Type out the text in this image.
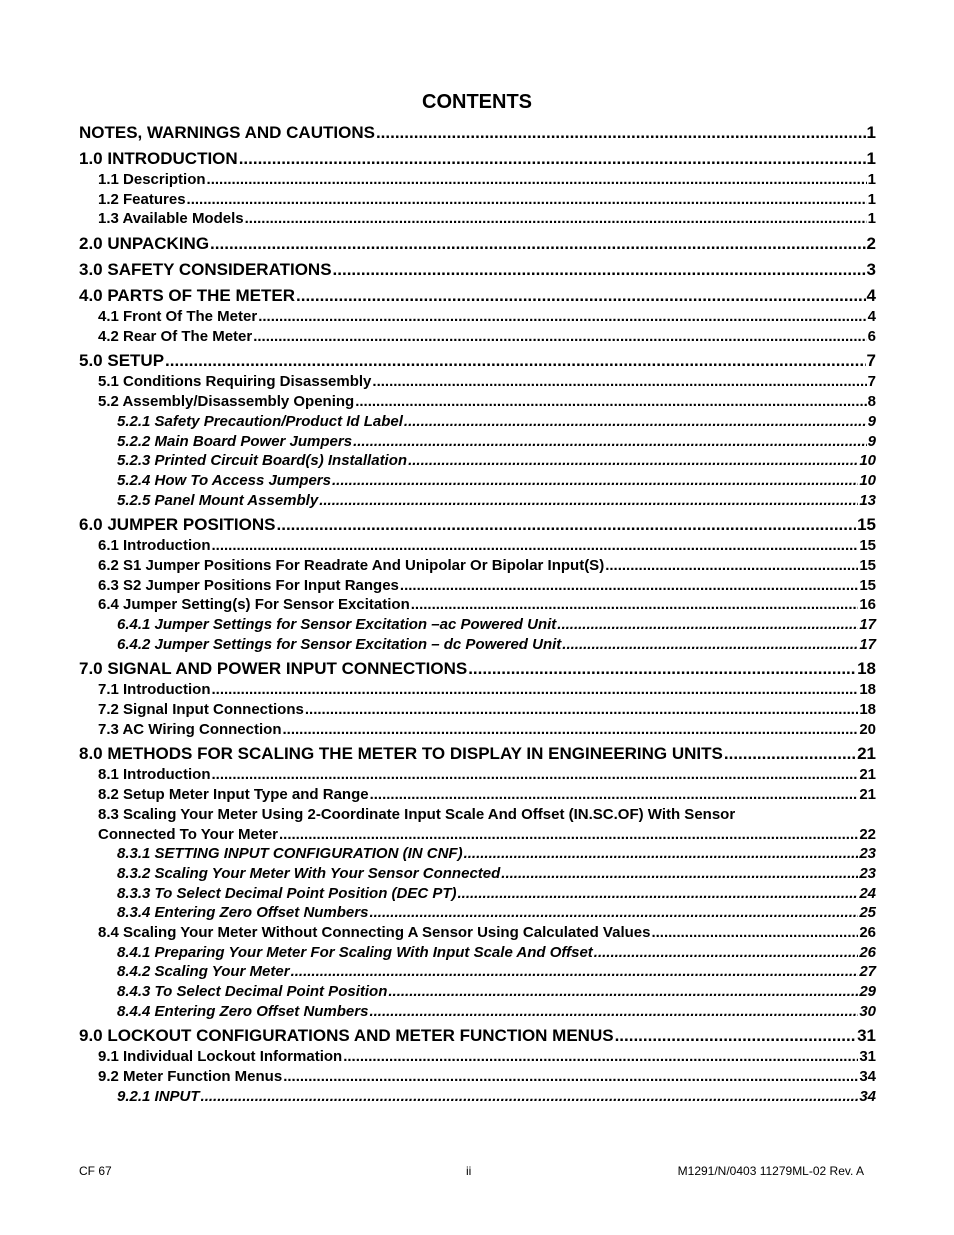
CONTENTS
NOTES, WARNINGS AND CAUTIONS .....	1
1.0 INTRODUCTION .....	1
1.1 Description .....	1
1.2 Features .....	1
1.3 Available Models .....	1
2.0 UNPACKING .....	2
3.0 SAFETY CONSIDERATIONS .....	3
4.0 PARTS OF THE METER .....	4
4.1 Front Of The Meter .....	4
4.2 Rear Of The Meter .....	6
5.0 SETUP .....	7
5.1 Conditions Requiring Disassembly .....	7
5.2 Assembly/Disassembly Opening .....	8
5.2.1 Safety Precaution/Product Id Label .....	9
5.2.2 Main Board Power Jumpers .....	9
5.2.3 Printed Circuit Board(s) Installation .....	10
5.2.4 How To Access Jumpers .....	10
5.2.5 Panel Mount Assembly .....	13
6.0 JUMPER POSITIONS .....	15
6.1 Introduction .....	15
6.2 S1 Jumper Positions For Readrate And Unipolar Or Bipolar Input(S) .....	15
6.3 S2 Jumper Positions For Input Ranges .....	15
6.4 Jumper Setting(s) For Sensor Excitation .....	16
6.4.1 Jumper Settings for Sensor Excitation –ac Powered Unit .....	17
6.4.2 Jumper Settings for Sensor Excitation – dc Powered Unit .....	17
7.0 SIGNAL AND POWER INPUT CONNECTIONS .....	18
7.1 Introduction .....	18
7.2 Signal Input Connections .....	18
7.3 AC Wiring Connection .....	20
8.0 METHODS FOR SCALING THE METER TO DISPLAY IN ENGINEERING UNITS .....	21
8.1 Introduction .....	21
8.2 Setup Meter Input Type and Range .....	21
8.3 Scaling Your Meter Using 2-Coordinate Input Scale And Offset (IN.SC.OF) With Sensor
Connected To Your Meter .....	22
8.3.1 SETTING INPUT CONFIGURATION (IN CNF) .....	23
8.3.2 Scaling Your Meter With Your Sensor Connected .....	23
8.3.3 To Select Decimal Point Position (DEC PT) .....	24
8.3.4 Entering Zero Offset Numbers .....	25
8.4 Scaling Your Meter Without Connecting A Sensor Using Calculated Values .....	26
8.4.1 Preparing Your Meter For Scaling With Input Scale And Offset .....	26
8.4.2 Scaling Your Meter .....	27
8.4.3 To Select Decimal Point Position .....	29
8.4.4 Entering Zero Offset Numbers .....	30
9.0 LOCKOUT CONFIGURATIONS AND METER FUNCTION MENUS .....	31
9.1 Individual Lockout Information .....	31
9.2 Meter Function Menus .....	34
9.2.1 INPUT .....	34
CF 67	ii	M1291/N/0403 11279ML-02 Rev. A
